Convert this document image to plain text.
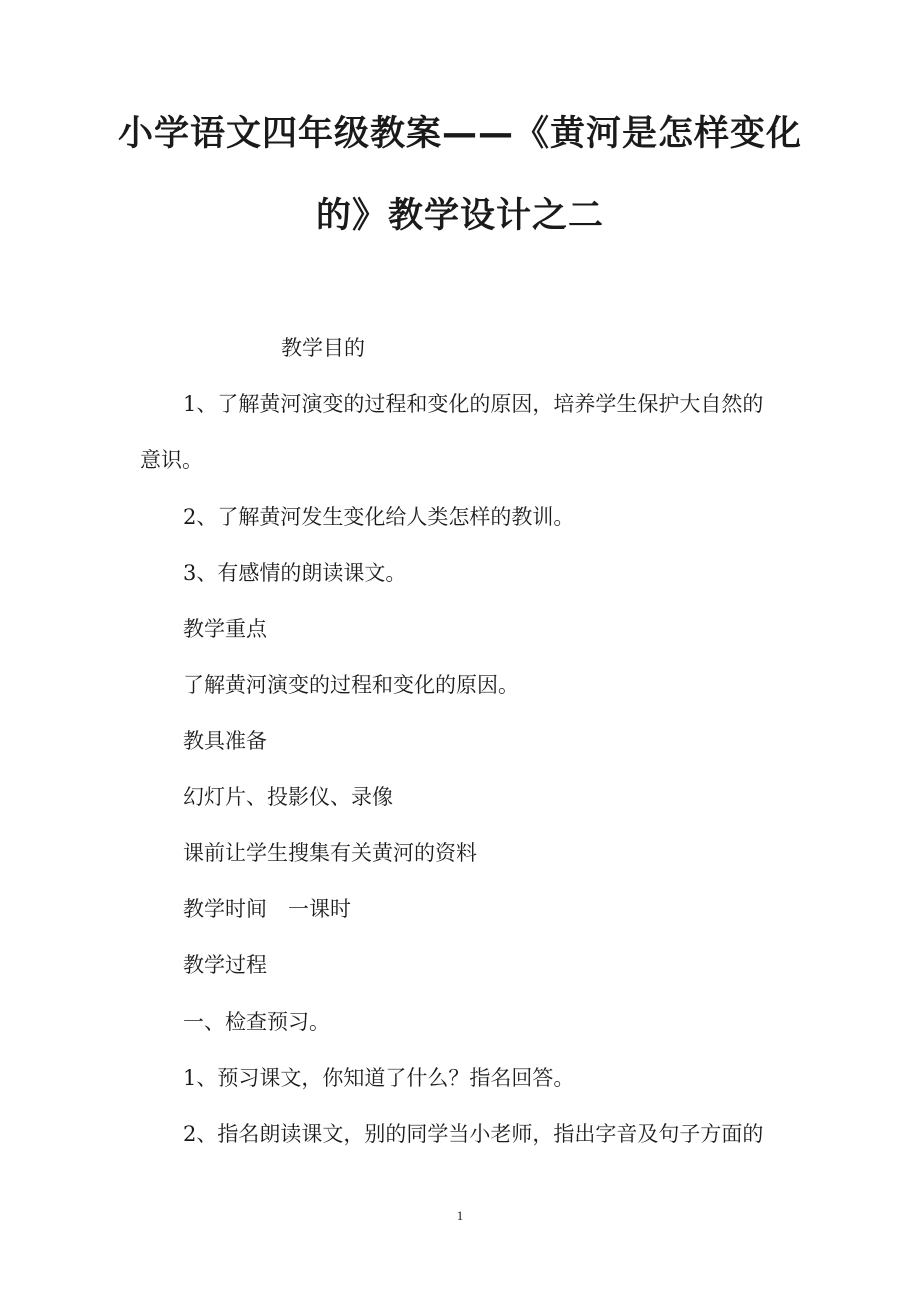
小学语文四年级教案——《黄河是怎样变化
的》教学设计之二

教学目的

1、了解黄河演变的过程和变化的原因，培养学生保护大自然的

意识。

2、了解黄河发生变化给人类怎样的教训。

3、有感情的朗读课文。

教学重点

了解黄河演变的过程和变化的原因。

教具准备

幻灯片、投影仪、录像

课前让学生搜集有关黄河的资料

教学时间　一课时

教学过程

一、检查预习。

1、预习课文，你知道了什么？指名回答。

2、指名朗读课文，别的同学当小老师，指出字音及句子方面的

1
